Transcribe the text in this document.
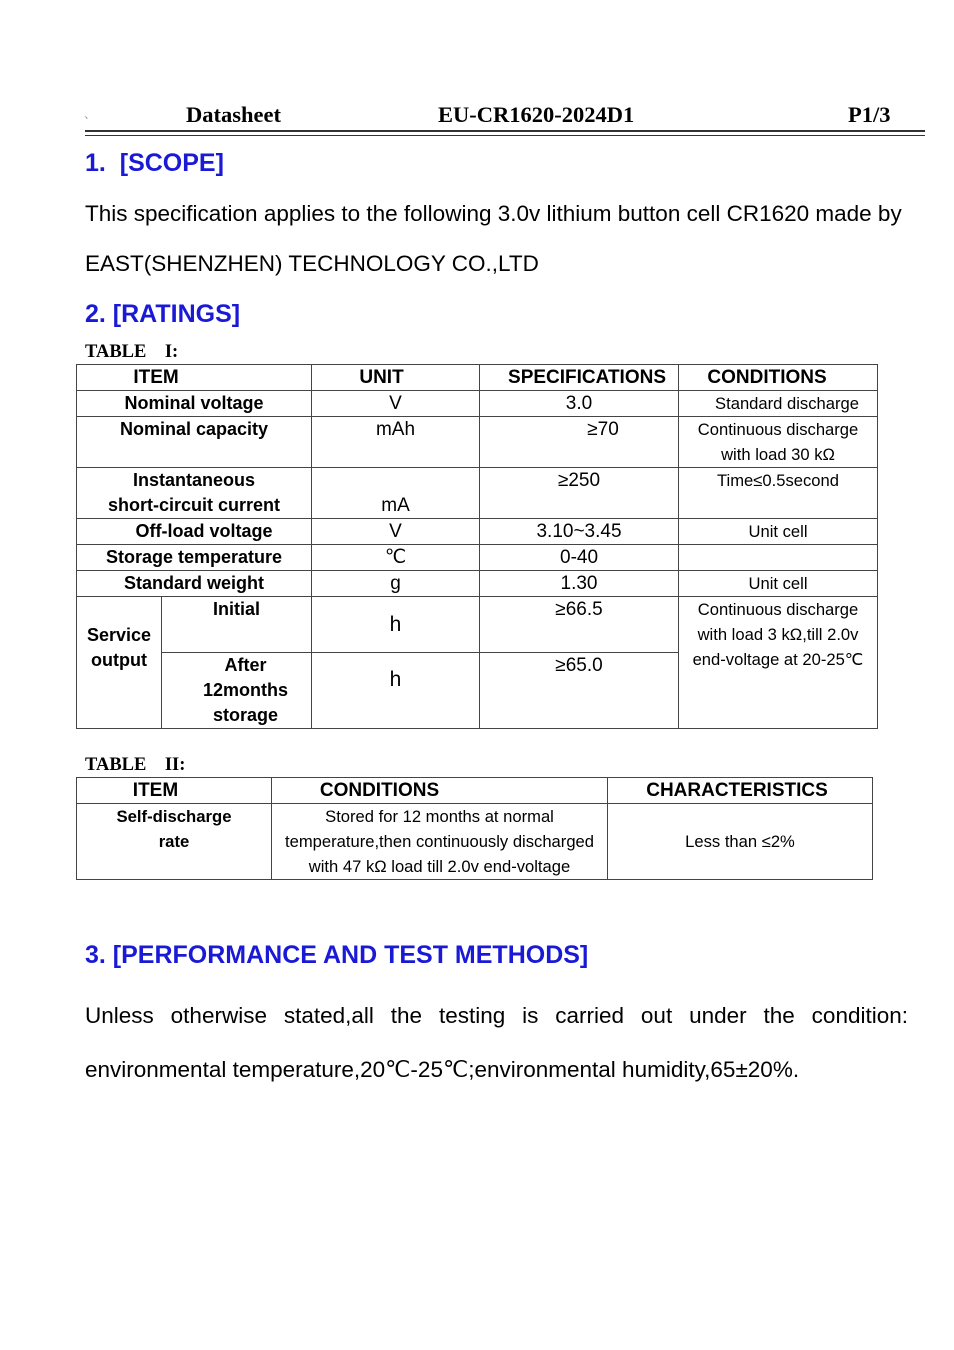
、	Datasheet	EU-CR1620-2024D1	P1/3
1.  [SCOPE]
This specification applies to the following 3.0v lithium button cell CR1620 made by
EAST(SHENZHEN) TECHNOLOGY CO.,LTD
2. [RATINGS]
TABLE    I:
ITEM		UNIT	SPECIFICATIONS	CONDITIONS

Nominal voltage		V	3.0	Standard discharge

Nominal capacity		mAh	≥70	Continuous discharge
with load 30 kΩ

Instantaneous
short-circuit current		mA	≥250	Time≤0.5second

Off-load voltage		V	3.10~3.45	Unit cell

Storage temperature		℃	0-40	

Standard weight		g	1.30	Unit cell

Service
output	Initial	h	≥66.5	Continuous discharge
with load 3 kΩ,till 2.0v
end-voltage at 20-25℃

	After
12months
storage	h	≥65.0	
TABLE    II:
ITEM	CONDITIONS	CHARACTERISTICS

Self-discharge
rate	Stored for 12 months at normal
temperature,then continuously discharged
with 47 kΩ load till 2.0v end-voltage	Less than ≤2%
3. [PERFORMANCE AND TEST METHODS]
Unless otherwise stated,all the testing is carried out under the condition:
environmental temperature,20℃-25℃;environmental humidity,65±20%.
